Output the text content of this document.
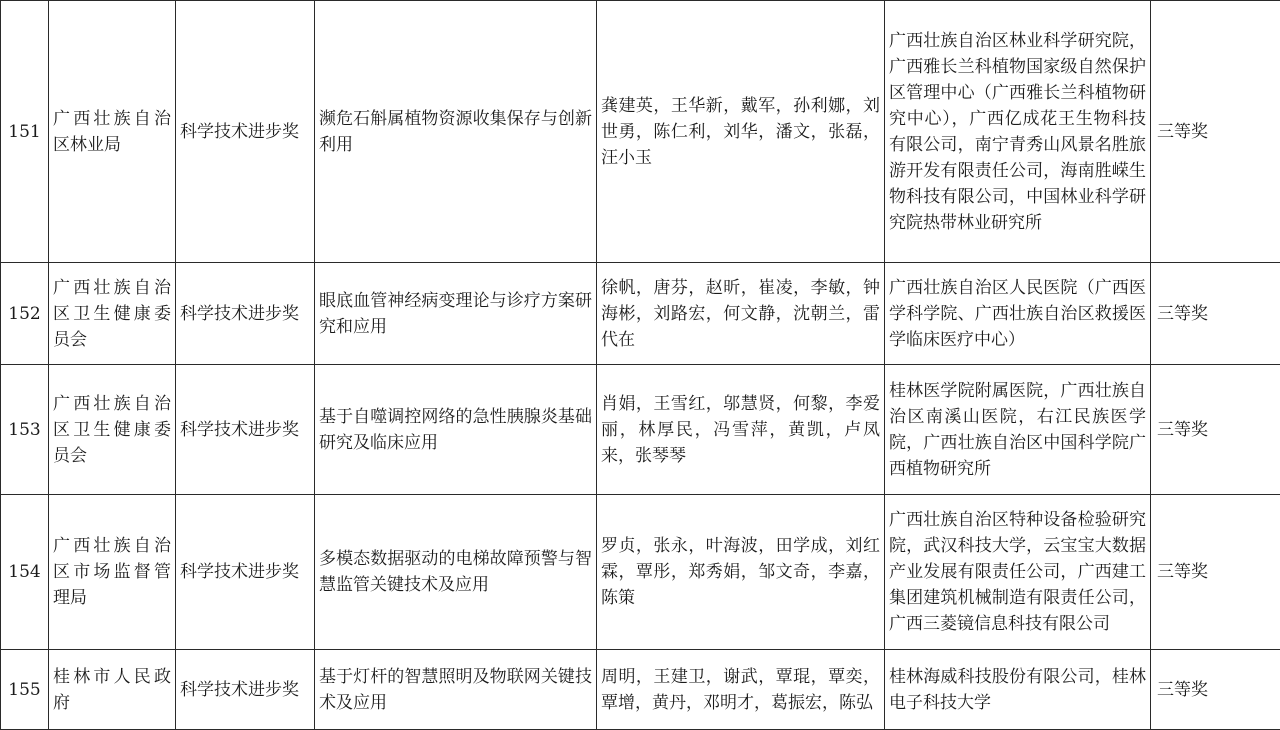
151	广西壮族自治区林业局	科学技术进步奖	濒危石斛属植物资源收集保存与创新利用	龚建英，王华新，戴军，孙利娜，刘世勇，陈仁利，刘华，潘文，张磊，汪小玉	广西壮族自治区林业科学研究院，广西雅长兰科植物国家级自然保护区管理中心（广西雅长兰科植物研究中心），广西亿成花王生物科技有限公司，南宁青秀山风景名胜旅游开发有限责任公司，海南胜嵘生物科技有限公司，中国林业科学研究院热带林业研究所	三等奖
152	广西壮族自治区卫生健康委员会	科学技术进步奖	眼底血管神经病变理论与诊疗方案研究和应用	徐帆，唐芬，赵昕，崔凌，李敏，钟海彬，刘路宏，何文静，沈朝兰，雷代在	广西壮族自治区人民医院（广西医学科学院、广西壮族自治区救援医学临床医疗中心）	三等奖
153	广西壮族自治区卫生健康委员会	科学技术进步奖	基于自噬调控网络的急性胰腺炎基础研究及临床应用	肖娟，王雪红，邬慧贤，何黎，李爱丽，林厚民，冯雪萍，黄凯，卢凤来，张琴琴	桂林医学院附属医院，广西壮族自治区南溪山医院，右江民族医学院，广西壮族自治区中国科学院广西植物研究所	三等奖
154	广西壮族自治区市场监督管理局	科学技术进步奖	多模态数据驱动的电梯故障预警与智慧监管关键技术及应用	罗贞，张永，叶海波，田学成，刘红霖，覃彤，郑秀娟，邹文奇，李嘉，陈策	广西壮族自治区特种设备检验研究院，武汉科技大学，云宝宝大数据产业发展有限责任公司，广西建工集团建筑机械制造有限责任公司，广西三菱镜信息科技有限公司	三等奖
155	桂林市人民政府	科学技术进步奖	基于灯杆的智慧照明及物联网关键技术及应用	周明，王建卫，谢武，覃琨，覃奕，覃增，黄丹，邓明才，葛振宏，陈弘	桂林海威科技股份有限公司，桂林电子科技大学	三等奖
